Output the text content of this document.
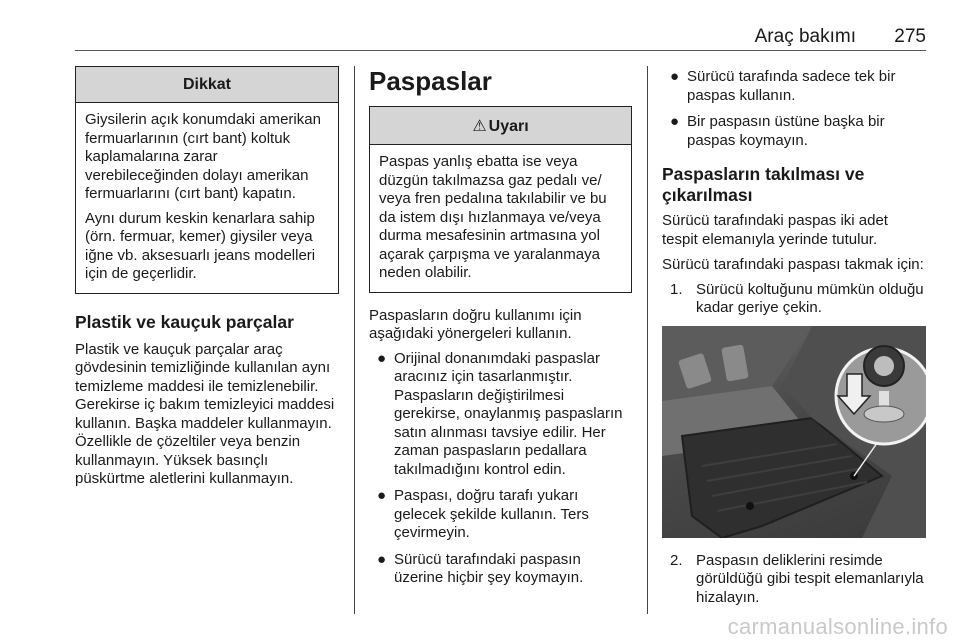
Araç bakımı 275
Dikkat

Giysilerin açık konumdaki amerikan fermuarlarının (cırt bant) koltuk kaplamalarına zarar verebileceğinden dolayı amerikan fermuarlarını (cırt bant) kapatın.

Aynı durum keskin kenarlara sahip (örn. fermuar, kemer) giysiler veya iğne vb. aksesuarlı jeans modelleri için de geçerlidir.

Plastik ve kauçuk parçalar

Plastik ve kauçuk parçalar araç gövdesinin temizliğinde kullanılan aynı temizleme maddesi ile temizlenebilir. Gerekirse iç bakım temizleyici maddesi kullanın. Başka maddeler kullanmayın. Özellikle de çözeltiler veya benzin kullanmayın. Yüksek basınçlı püskürtme aletlerini kullanmayın.

Paspaslar
⚠ Uyarı

Paspas yanlış ebatta ise veya düzgün takılmazsa gaz pedalı ve/ veya fren pedalına takılabilir ve bu da istem dışı hızlanmaya ve/veya durma mesafesinin artmasına yol açarak çarpışma ve yaralanmaya neden olabilir.

Paspasların doğru kullanımı için aşağıdaki yönergeleri kullanın.

● Orijinal donanımdaki paspaslar aracınız için tasarlanmıştır. Paspasların değiştirilmesi gerekirse, onaylanmış paspasların satın alınması tavsiye edilir. Her zaman paspasların pedallara takılmadığını kontrol edin.
● Paspası, doğru tarafı yukarı gelecek şekilde kullanın. Ters çevirmeyin.
● Sürücü tarafındaki paspasın üzerine hiçbir şey koymayın.
● Sürücü tarafında sadece tek bir paspas kullanın.
● Bir paspasın üstüne başka bir paspas koymayın.
Paspasların takılması ve çıkarılması

Sürücü tarafındaki paspas iki adet tespit elemanıyla yerinde tutulur.

Sürücü tarafındaki paspası takmak için:

1. Sürücü koltuğunu mümkün olduğu kadar geriye çekin.
2. Paspasın deliklerini resimde görüldüğü gibi tespit elemanlarıyla hizalayın.
carmanualsonline.info
